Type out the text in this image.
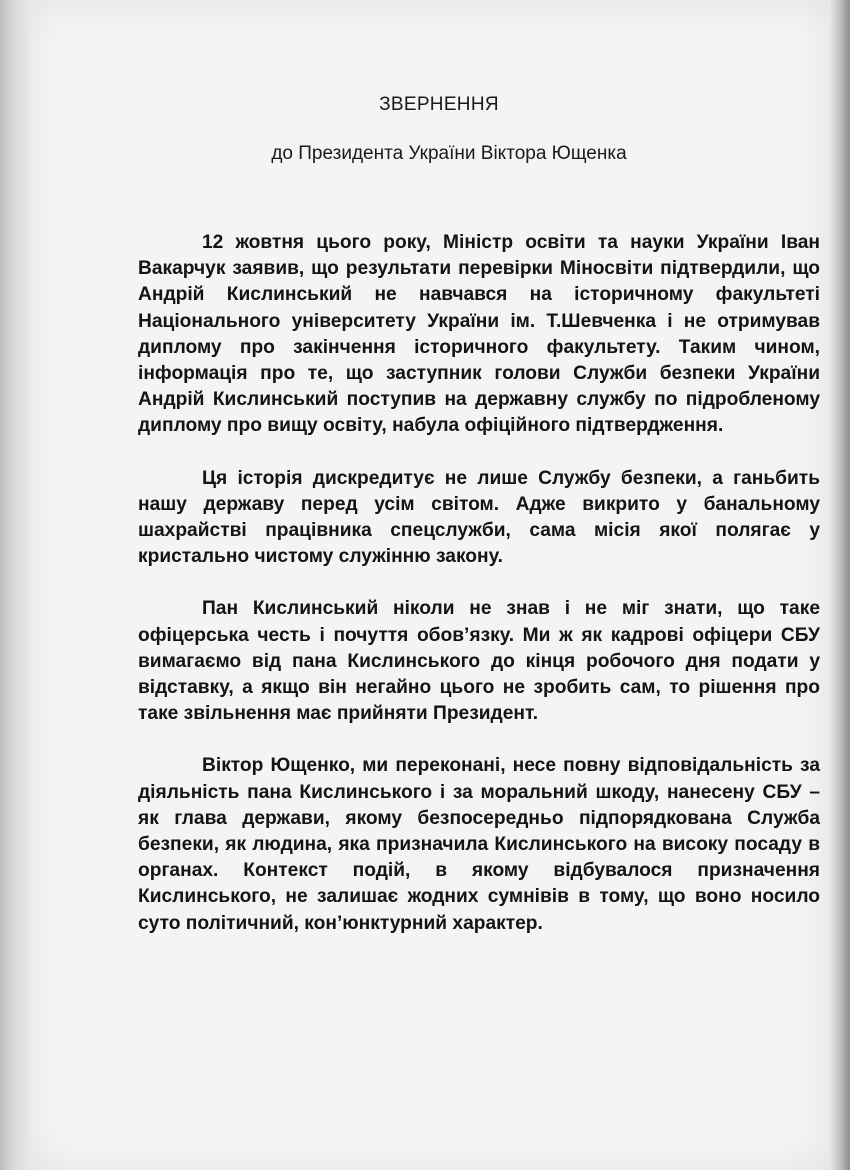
ЗВЕРНЕННЯ
до Президента України Віктора Ющенка

12 жовтня цього року, Міністр освіти та науки України Іван Вакарчук заявив, що результати перевірки Міносвіти підтвердили, що Андрій Кислинський не навчався на історичному факультеті Національного університету України ім. Т.Шевченка і не отримував диплому про закінчення історичного факультету. Таким чином, інформація про те, що заступник голови Служби безпеки України Андрій Кислинський поступив на державну службу по підробленому диплому про вищу освіту, набула офіційного підтвердження.

Ця історія дискредитує не лише Службу безпеки, а ганьбить нашу державу перед усім світом. Адже викрито у банальному шахрайстві працівника спецслужби, сама місія якої полягає у кристально чистому служінню закону.

Пан Кислинський ніколи не знав і не міг знати, що таке офіцерська честь і почуття обов’язку. Ми ж як кадрові офіцери СБУ вимагаємо від пана Кислинського до кінця робочого дня подати у відставку, а якщо він негайно цього не зробить сам, то рішення про таке звільнення має прийняти Президент.

Віктор Ющенко, ми переконані, несе повну відповідальність за діяльність пана Кислинського і за моральний шкоду, нанесену СБУ – як глава держави, якому безпосередньо підпорядкована Служба безпеки, як людина, яка призначила Кислинського на високу посаду в органах. Контекст подій, в якому відбувалося призначення Кислинського, не залишає жодних сумнівів в тому, що воно носило суто політичний, кон’юнктурний характер.
